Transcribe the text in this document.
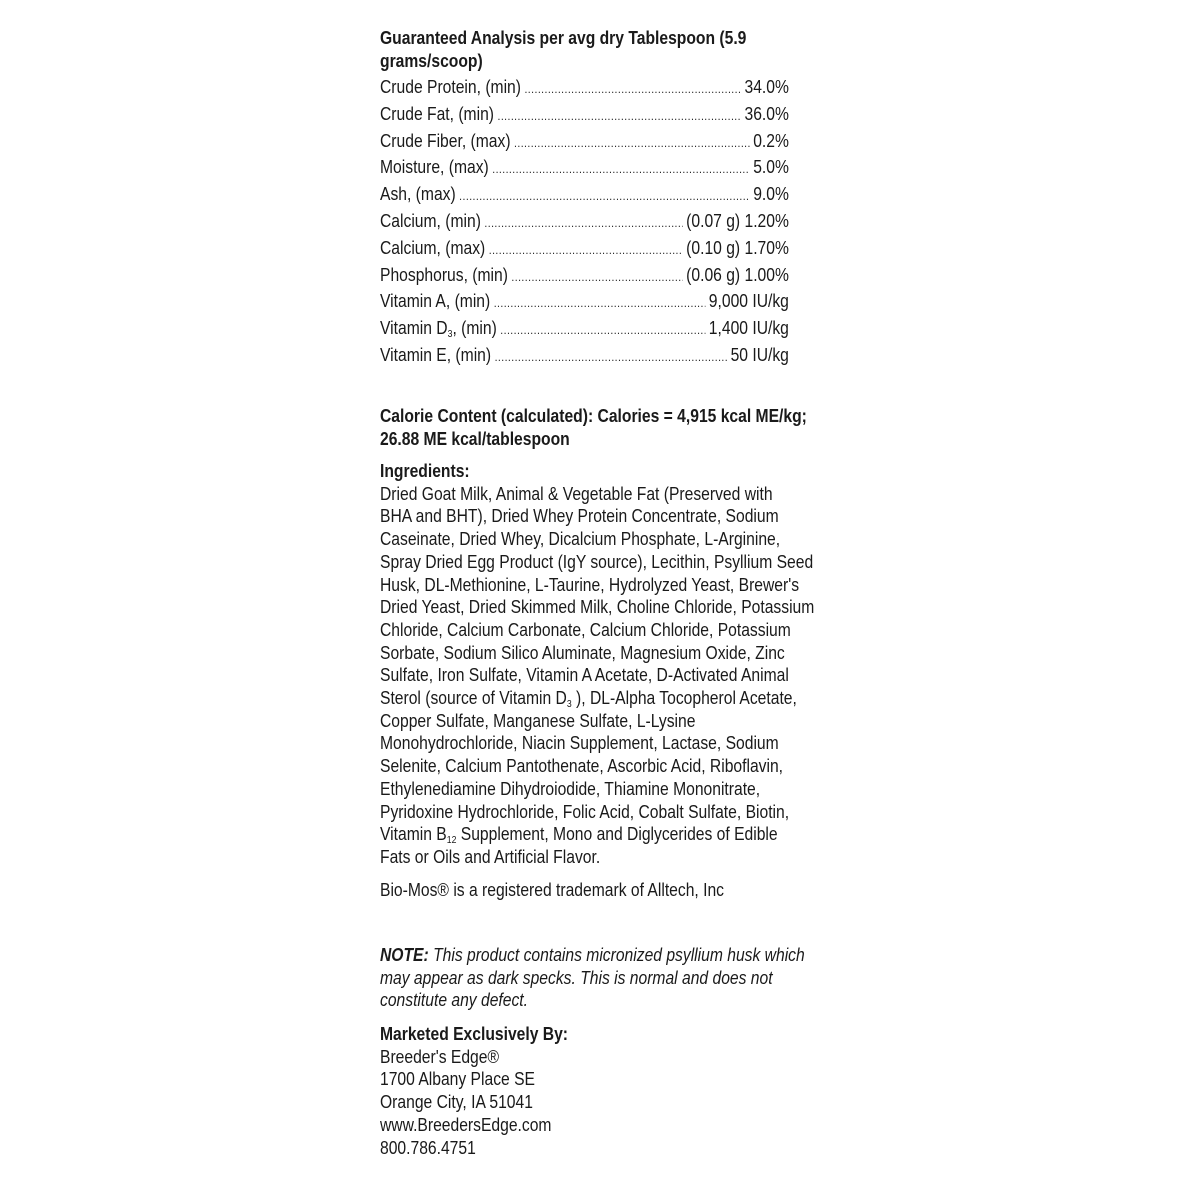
Guaranteed Analysis per avg dry Tablespoon (5.9
grams/scoop)
Crude Protein, (min) .....	34.0%
Crude Fat, (min) .....	36.0%
Crude Fiber, (max) .....	0.2%
Moisture, (max) .....	5.0%
Ash, (max) .....	9.0%
Calcium, (min) .....	(0.07 g) 1.20%
Calcium, (max) .....	(0.10 g) 1.70%
Phosphorus, (min) .....	(0.06 g) 1.00%
Vitamin A, (min) .....	9,000 IU/kg
Vitamin $D_3$, (min) .....	1,400 IU/kg
Vitamin E, (min) .....	50 IU/kg
Calorie Content (calculated): Calories = 4,915 kcal ME/kg;
26.88 ME kcal/tablespoon
Ingredients:
Dried Goat Milk, Animal & Vegetable Fat (Preserved with
BHA and BHT), Dried Whey Protein Concentrate, Sodium
Caseinate, Dried Whey, Dicalcium Phosphate, L-Arginine,
Spray Dried Egg Product (IgY source), Lecithin, Psyllium Seed
Husk, DL-Methionine, L-Taurine, Hydrolyzed Yeast, Brewer's
Dried Yeast, Dried Skimmed Milk, Choline Chloride, Potassium
Chloride, Calcium Carbonate, Calcium Chloride, Potassium
Sorbate, Sodium Silico Aluminate, Magnesium Oxide, Zinc
Sulfate, Iron Sulfate, Vitamin A Acetate, D-Activated Animal
Sterol (source of Vitamin $D_3$ ), DL-Alpha Tocopherol Acetate,
Copper Sulfate, Manganese Sulfate, L-Lysine
Monohydrochloride, Niacin Supplement, Lactase, Sodium
Selenite, Calcium Pantothenate, Ascorbic Acid, Riboflavin,
Ethylenediamine Dihydroiodide, Thiamine Mononitrate,
Pyridoxine Hydrochloride, Folic Acid, Cobalt Sulfate, Biotin,
Vitamin $B_{12}$ Supplement, Mono and Diglycerides of Edible
Fats or Oils and Artificial Flavor.
Bio-Mos® is a registered trademark of Alltech, Inc
NOTE: This product contains micronized psyllium husk which
may appear as dark specks. This is normal and does not
constitute any defect.
Marketed Exclusively By:
Breeder's Edge®
1700 Albany Place SE
Orange City, IA 51041
www.BreedersEdge.com
800.786.4751
